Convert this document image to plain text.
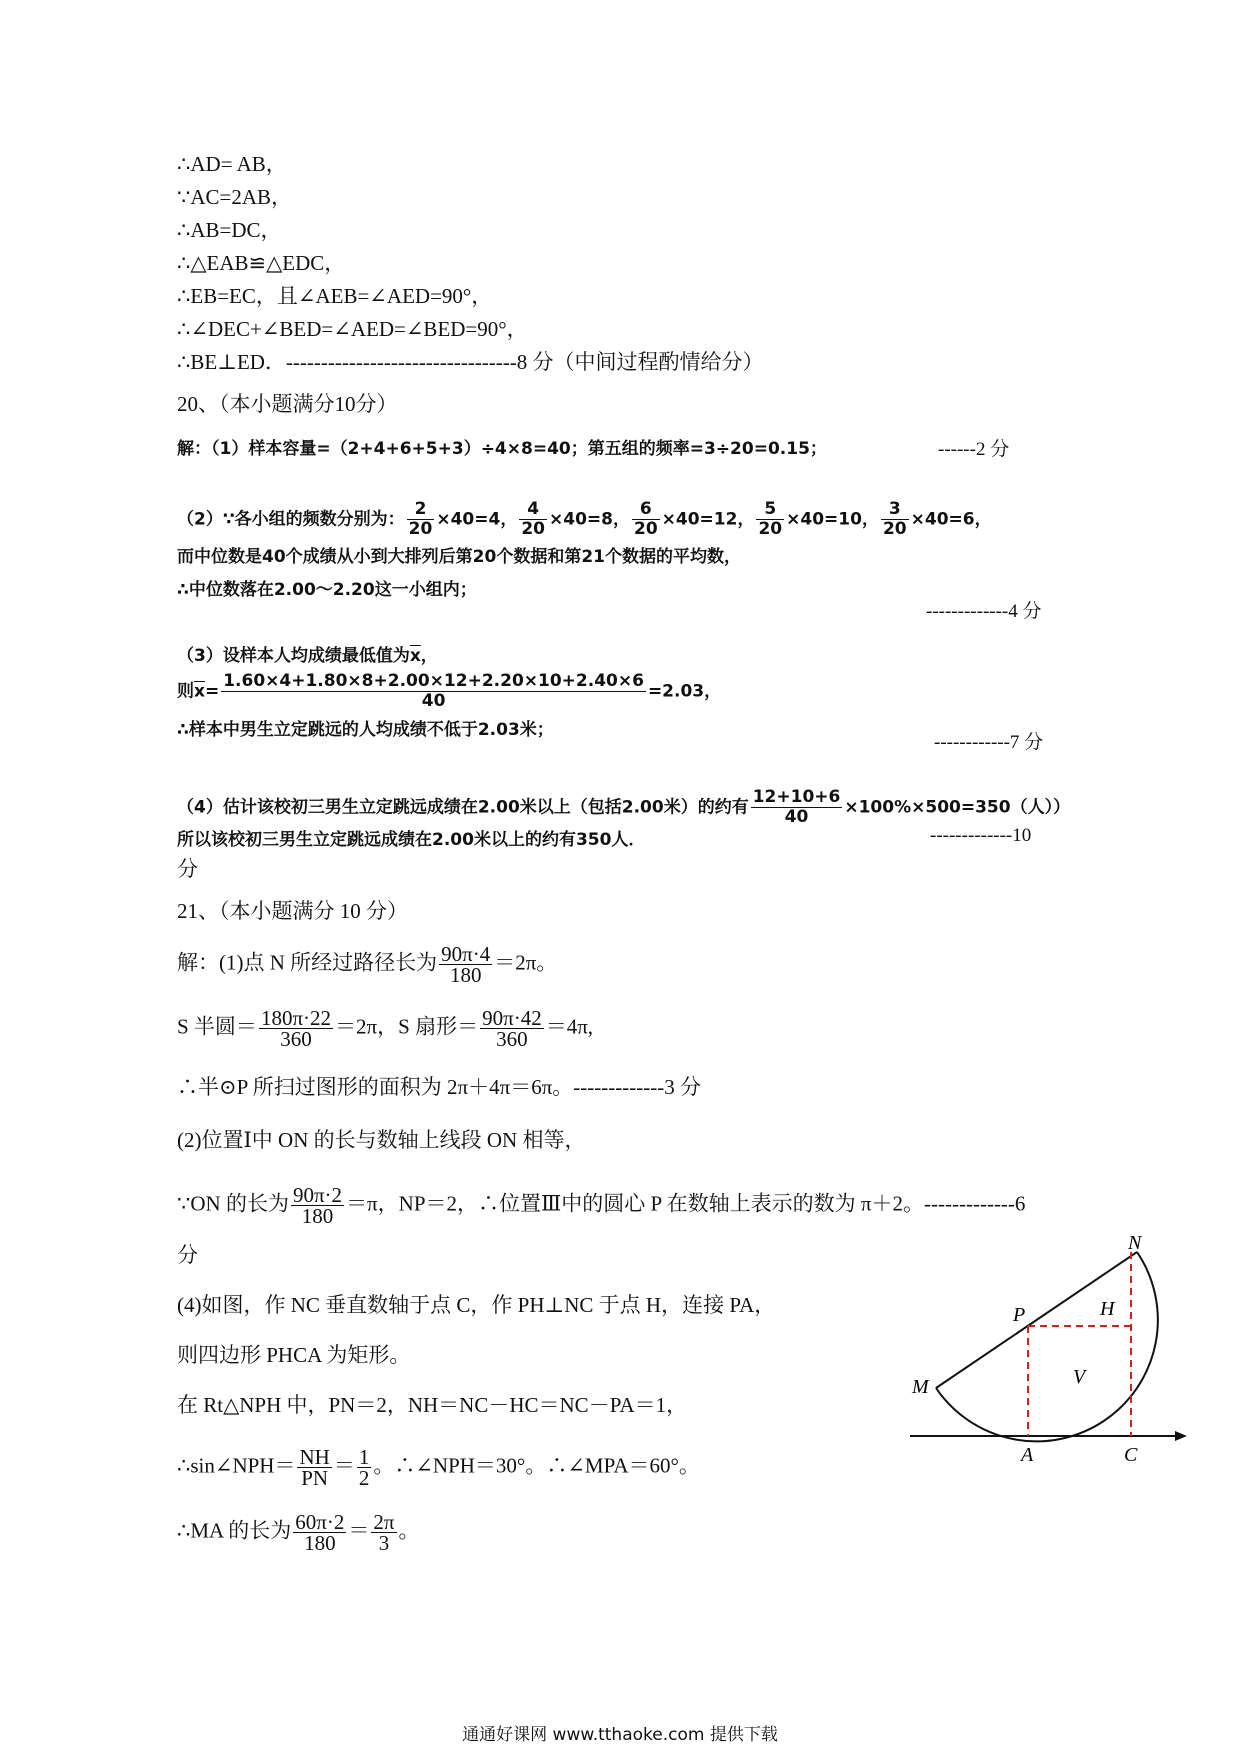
∴AD= AB，
∵AC=2AB，
∴AB=DC，
∴△EAB≌△EDC，
∴EB=EC，且∠AEB=∠AED=90°，
∴∠DEC+∠BED=∠AED=∠BED=90°，
∴BE⊥ED．---------------------------------8 分（中间过程酌情给分）
20、（本小题满分10分）
解：（1）样本容量=（2+4+6+5+3）÷4×8=40；第五组的频率=3÷20=0.15；	------2 分
（2）∵各小组的频数分别为： $\frac{2}{20} \times 40=4$， $\frac{4}{20} \times 40=8$， $\frac{6}{20} \times 40=12$， $\frac{5}{20} \times 40=10$， $\frac{3}{20} \times 40=6$，
而中位数是40个成绩从小到大排列后第20个数据和第21个数据的平均数，
∴中位数落在2.00～2.20这一小组内；
-------------4 分
（3）设样本人均成绩最低值为$\overline{x}$，
则$\overline{x}= \frac{1.60\times 4+1.80\times 8+2.00\times 12+2.20\times 10+2.40\times 6}{40} =2.03$，
∴样本中男生立定跳远的人均成绩不低于2.03米；
------------7 分
（4）估计该校初三男生立定跳远成绩在2.00米以上（包括2.00米）的约有 $\frac{12+10+6}{40} \times 100\%\times 500=350$（人））
所以该校初三男生立定跳远成绩在2.00米以上的约有350人．	-------------10
分
21、（本小题满分 10 分）
解：(1)点 N 所经过路径长为 $\frac{90\pi\cdot 4}{180} =2\pi$。
S 半圆＝ $\frac{180\pi\cdot 22}{360} =2\pi$，S 扇形＝ $\frac{90\pi\cdot 42}{360} =4\pi$,
∴半⊙P 所扫过图形的面积为 2π＋4π＝6π。-------------3 分
(2)位置Ⅰ中 ON 的长与数轴上线段 ON 相等，
∵ON 的长为 $\frac{90\pi\cdot 2}{180} =\pi$，NP＝2，∴位置Ⅲ中的圆心 P 在数轴上表示的数为 π＋2。-------------6
分
(4)如图，作 NC 垂直数轴于点 C，作 PH⊥NC 于点 H，连接 PA，
则四边形 PHCA 为矩形。
在 Rt△NPH 中，PN＝2，NH＝NC－HC＝NC－PA＝1，
∴sin∠NPH＝ $\frac{NH}{PN} = \frac{1}{2}$ 。∴∠NPH＝30°。∴∠MPA＝60°。
∴MA 的长为 $\frac{60\pi\cdot 2}{180} = \frac{2\pi}{3}$ 。
N
P	H
M	V
A	C
通通好课网 www.tthaoke.com 提供下载
